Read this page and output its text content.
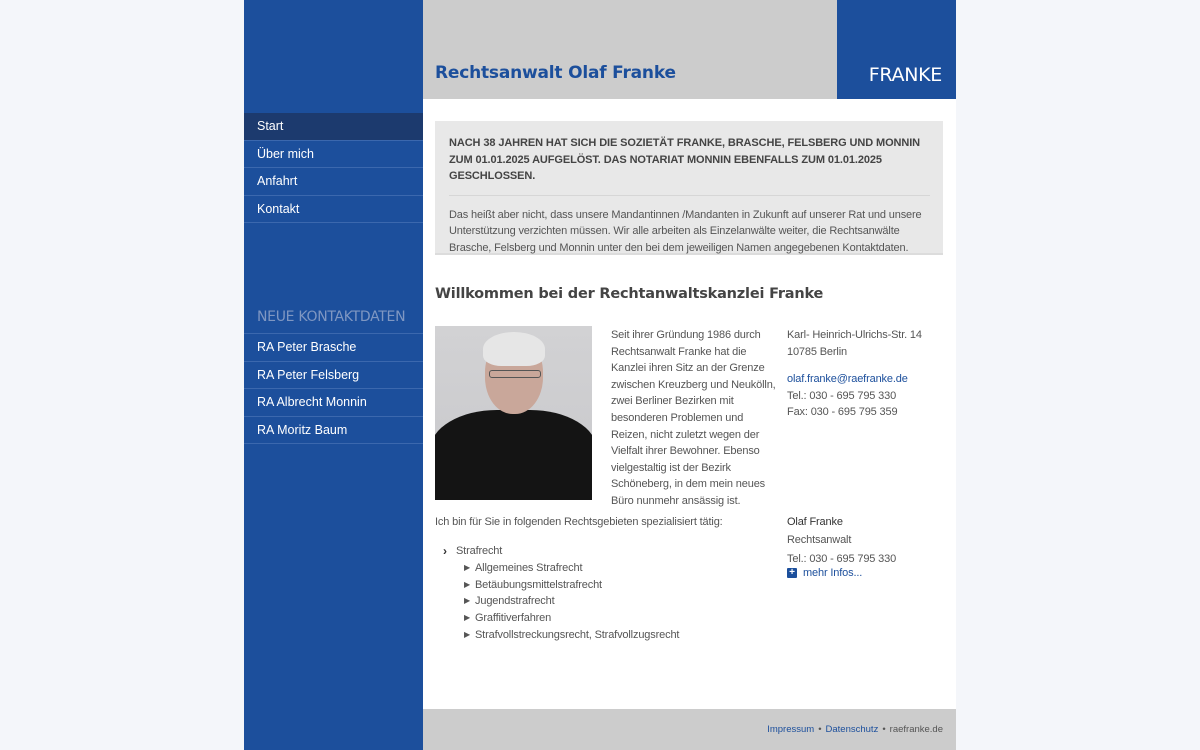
Start
Über mich
Anfahrt
Kontakt
NEUE KONTAKTDATEN
RA Peter Brasche
RA Peter Felsberg
RA Albrecht Monnin
RA Moritz Baum
Rechtsanwalt Olaf Franke	FRANKE

NACH 38 JAHREN HAT SICH DIE SOZIETÄT FRANKE, BRASCHE, FELSBERG UND MONNIN ZUM 01.01.2025 AUFGELÖST. DAS NOTARIAT MONNIN EBENFALLS ZUM 01.01.2025 GESCHLOSSEN.

Das heißt aber nicht, dass unsere Mandantinnen /Mandanten in Zukunft auf unserer Rat und unsere Unterstützung verzichten müssen. Wir alle arbeiten als Einzelanwälte weiter, die Rechtsanwälte Brasche, Felsberg und Monnin unter den bei dem jeweiligen Namen angegebenen Kontaktdaten.

Willkommen bei der Rechtanwaltskanzlei Franke

Seit ihrer Gründung 1986 durch Rechtsanwalt Franke hat die Kanzlei ihren Sitz an der Grenze zwischen Kreuzberg und Neukölln, zwei Berliner Bezirken mit besonderen Problemen und Reizen, nicht zuletzt wegen der Vielfalt ihrer Bewohner. Ebenso vielgestaltig ist der Bezirk Schöneberg, in dem mein neues Büro nunmehr ansässig ist.

Karl- Heinrich-Ulrichs-Str. 14
10785 Berlin
olaf.franke@raefranke.de
Tel.: 030 - 695 795 330
Fax: 030 - 695 795 359

Ich bin für Sie in folgenden Rechtsgebieten spezialisiert tätig:

› Strafrecht
▶ Allgemeines Strafrecht
▶ Betäubungsmittelstrafrecht
▶ Jugendstrafrecht
▶ Graffitiverfahren
▶ Strafvollstreckungsrecht, Strafvollzugsrecht
Olaf Franke
Rechtsanwalt
Tel.: 030 - 695 795 330
+ mehr Infos...
Impressum • Datenschutz • raefranke.de
